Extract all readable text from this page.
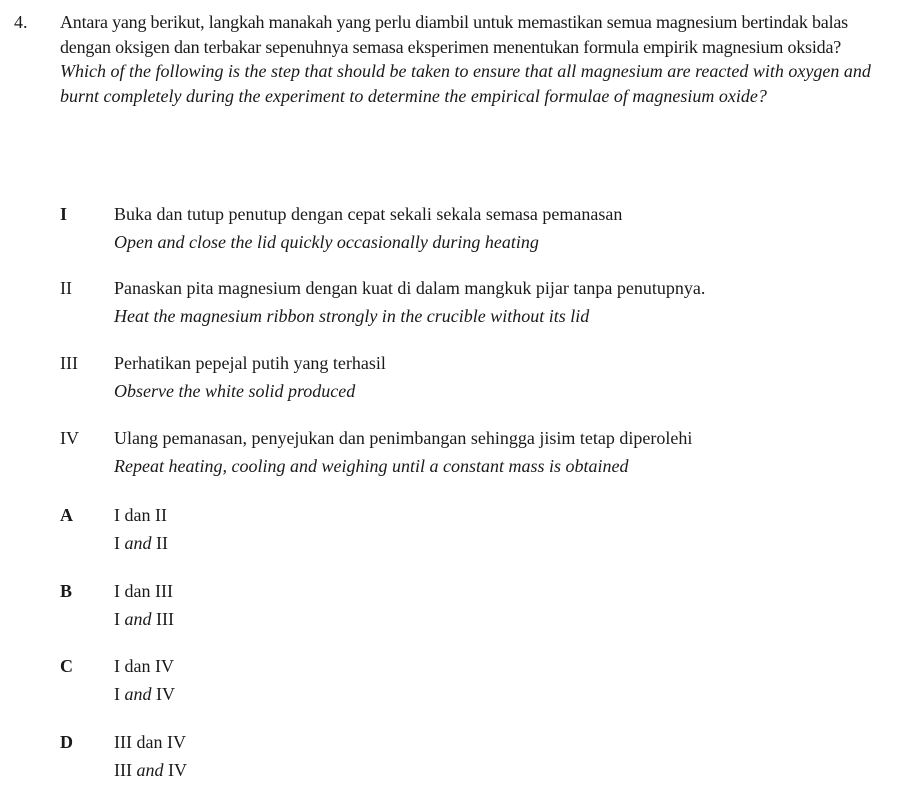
4. Antara yang berikut, langkah manakah yang perlu diambil untuk memastikan semua magnesium bertindak balas dengan oksigen dan terbakar sepenuhnya semasa eksperimen menentukan formula empirik magnesium oksida?

Which of the following is the step that should be taken to ensure that all magnesium are reacted with oxygen and burnt completely during the experiment to determine the empirical formulae of magnesium oxide?

I	Buka dan tutup penutup dengan cepat sekali sekala semasa pemanasan
Open and close the lid quickly occasionally during heating
II Panaskan pita magnesium dengan kuat di dalam mangkuk pijar tanpa penutupnya.
Heat the magnesium ribbon strongly in the crucible without its lid
III Perhatikan pepejal putih yang terhasil
Observe the white solid produced
IV Ulang pemanasan, penyejukan dan penimbangan sehingga jisim tetap diperolehi
Repeat heating, cooling and weighing until a constant mass is obtained
A I dan II
I and II
B I dan III
I and III
C I dan IV
I and IV
D III dan IV
III and IV
